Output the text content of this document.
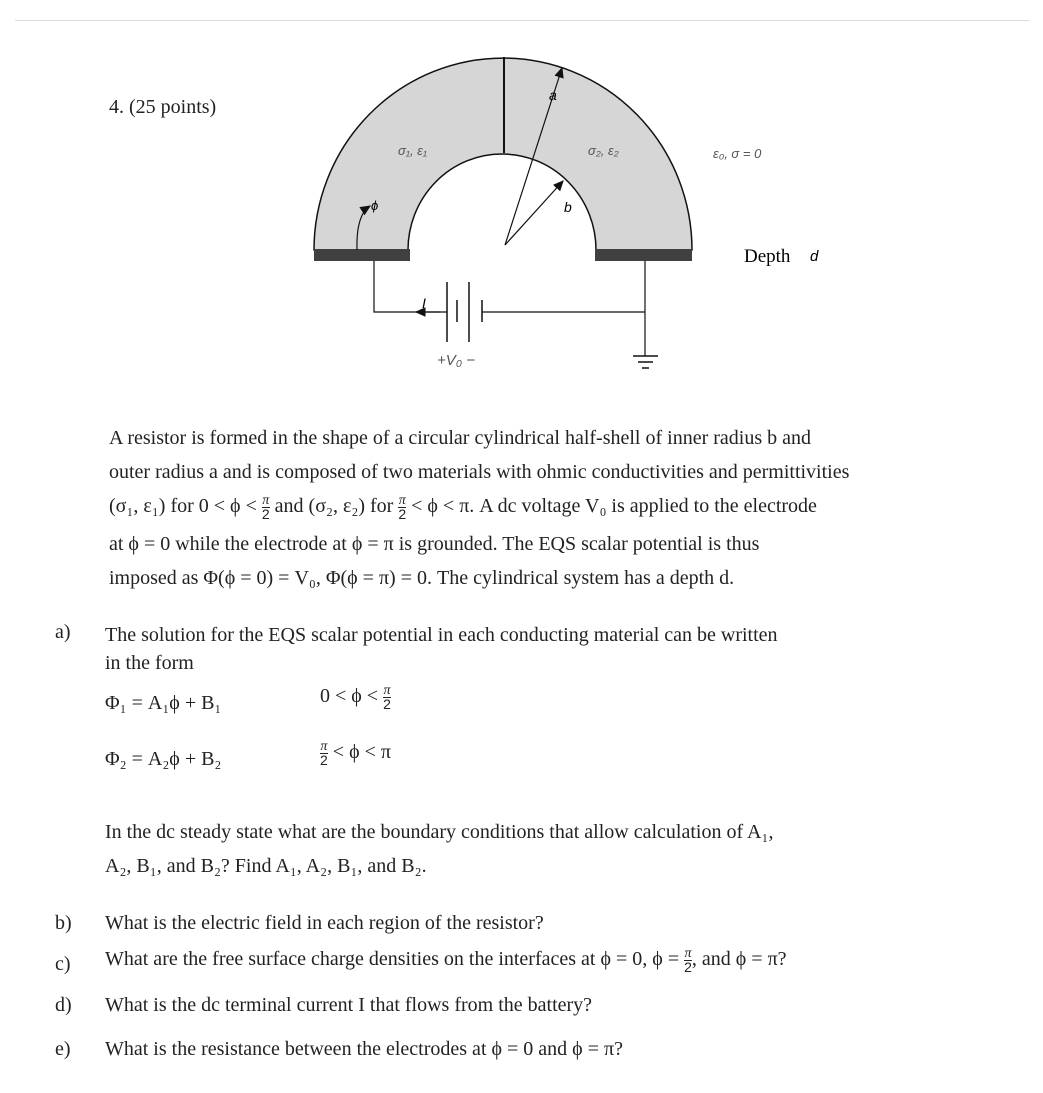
4. (25 points)
a
b
ϕ
σ₁, ε₁	σ₂, ε₂	ε₀, σ = 0
Depth d
I
+V₀ −
A resistor is formed in the shape of a circular cylindrical half-shell of inner radius b and
outer radius a and is composed of two materials with ohmic conductivities and permittivities
(σ₁, ε₁) for $0 < \phi < \frac{\pi}{2}$ and (σ₂, ε₂) for $\frac{\pi}{2} < \phi < \pi$. A dc voltage V₀ is applied to the electrode
at ϕ = 0 while the electrode at ϕ = π is grounded. The EQS scalar potential is thus
imposed as Φ(ϕ = 0) = V₀, Φ(ϕ = π) = 0. The cylindrical system has a depth d.
a) The solution for the EQS scalar potential in each conducting material can be written
in the form
Φ₁ = A₁ϕ + B₁	$0 < \phi < \frac{\pi}{2}$
Φ₂ = A₂ϕ + B₂	$\frac{\pi}{2} < \phi < \pi$
In the dc steady state what are the boundary conditions that allow calculation of A₁,
A₂, B₁, and B₂? Find A₁, A₂, B₁, and B₂.
b) What is the electric field in each region of the resistor?
c) What are the free surface charge densities on the interfaces at ϕ = 0, $\phi = \frac{\pi}{2}$ , and ϕ = π?
d) What is the dc terminal current I that flows from the battery?
e) What is the resistance between the electrodes at ϕ = 0 and ϕ = π?
